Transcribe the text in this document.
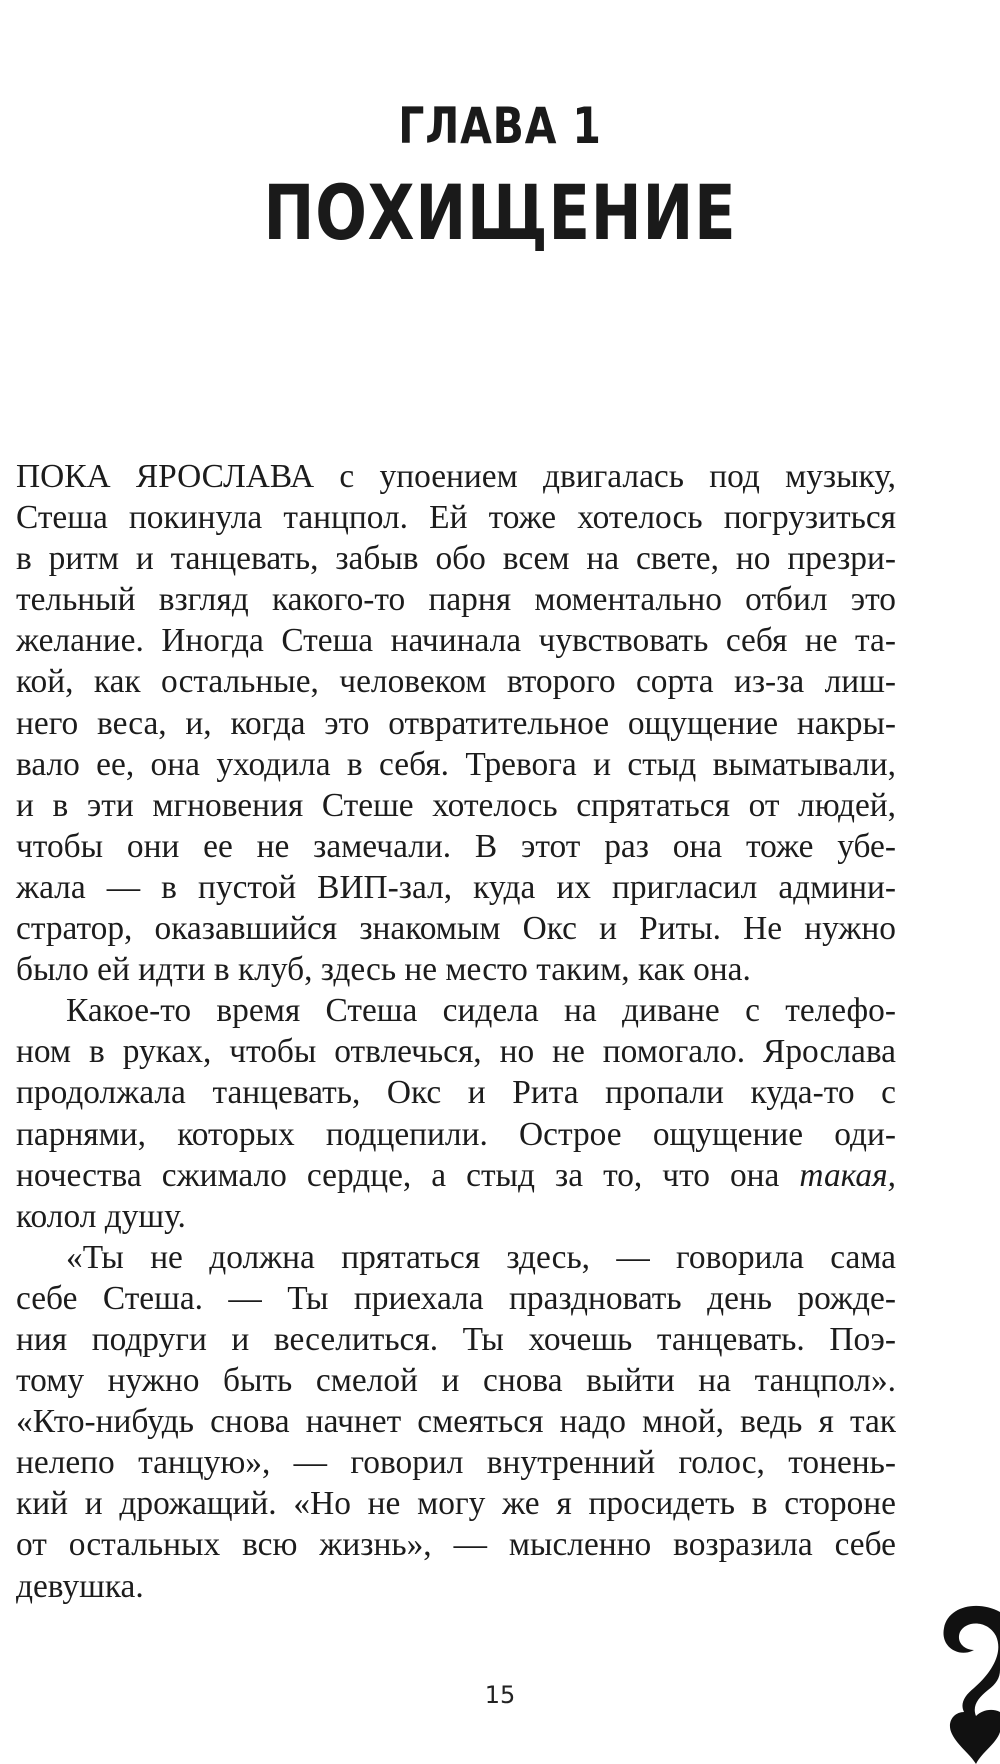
ГЛАВА 1
ПОХИЩЕНИЕ
ПОКА ЯРОСЛАВА с упоением двигалась под музыку,
Стеша покинула танцпол. Ей тоже хотелось погрузиться
в ритм и танцевать, забыв обо всем на свете, но презри-
тельный взгляд какого-то парня моментально отбил это
желание. Иногда Стеша начинала чувствовать себя не та-
кой, как остальные, человеком второго сорта из-за лиш-
него веса, и, когда это отвратительное ощущение накры-
вало ее, она уходила в себя. Тревога и стыд выматывали,
и в эти мгновения Стеше хотелось спрятаться от людей,
чтобы они ее не замечали. В этот раз она тоже убе-
жала — в пустой ВИП-зал, куда их пригласил админи-
стратор, оказавшийся знакомым Окс и Риты. Не нужно
было ей идти в клуб, здесь не место таким, как она.
Какое-то время Стеша сидела на диване с телефо-
ном в руках, чтобы отвлечься, но не помогало. Ярослава
продолжала танцевать, Окс и Рита пропали куда-то с
парнями, которых подцепили. Острое ощущение оди-
ночества сжимало сердце, а стыд за то, что она такая,
колол душу.
«Ты не должна прятаться здесь, — говорила сама
себе Стеша. — Ты приехала праздновать день рожде-
ния подруги и веселиться. Ты хочешь танцевать. Поэ-
тому нужно быть смелой и снова выйти на танцпол».
«Кто-нибудь снова начнет смеяться надо мной, ведь я так
нелепо танцую», — говорил внутренний голос, тонень-
кий и дрожащий. «Но не могу же я просидеть в стороне
от остальных всю жизнь», — мысленно возразила себе
девушка.
15
